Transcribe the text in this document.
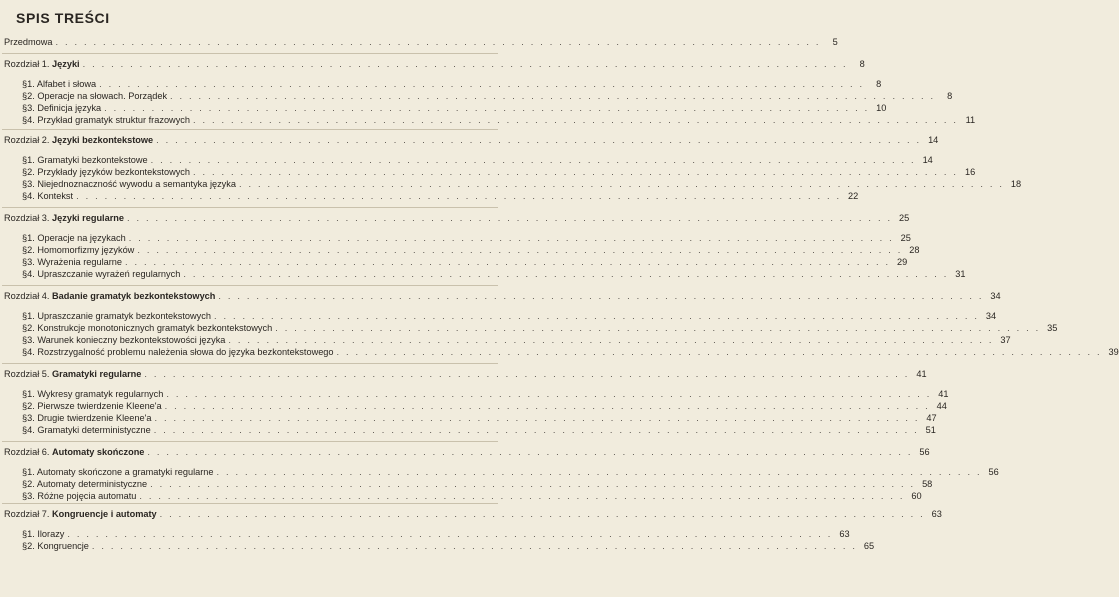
SPIS TREŚCI
Przedmowa . . . . . . . . . . . . . . . . . . . . . . . . . . . . . . . . . . . . . . . . . . . . . . . . . . . . . . . . . . . . . . . . . . . . . . . . . . . . . . . . .	5
Rozdział 1. Języki . . . . . . . . . . . . . . . . . . . . . . . . . . . . . . . . . . . . . . . . . . . . . . . . . . . . . . . . . . . . . . . . . . . . . . . . . . . . . . . . .	8
§1. Alfabet i słowa . . . . . . . . . . . . . . . . . . . . . . . . . . . . . . . . . . . . . . . . . . . . . . . . . . . . . . . . . . . . . . . . . . . . . . . . . . . . . . . . .	8
§2. Operacje na słowach. Porządek . . . . . . . . . . . . . . . . . . . . . . . . . . . . . . . . . . . . . . . . . . . . . . . . . . . . . . . . . . . . . . . . . . . . . . . . . . . . . . . . .	8
§3. Definicja języka . . . . . . . . . . . . . . . . . . . . . . . . . . . . . . . . . . . . . . . . . . . . . . . . . . . . . . . . . . . . . . . . . . . . . . . . . . . . . . . . . 10
§4. Przykład gramatyk struktur frazowych . . . . . . . . . . . . . . . . . . . . . . . . . . . . . . . . . . . . . . . . . . . . . . . . . . . . . . . . . . . . . . . . . . . . . . . . . . . . . . . . . 11
Rozdział 2. Języki bezkontekstowe . . . . . . . . . . . . . . . . . . . . . . . . . . . . . . . . . . . . . . . . . . . . . . . . . . . . . . . . . . . . . . . . . . . . . . . . . . . . . . . . . 14
§1. Gramatyki bezkontekstowe . . . . . . . . . . . . . . . . . . . . . . . . . . . . . . . . . . . . . . . . . . . . . . . . . . . . . . . . . . . . . . . . . . . . . . . . . . . . . . . . . 14
§2. Przykłady języków bezkontekstowych . . . . . . . . . . . . . . . . . . . . . . . . . . . . . . . . . . . . . . . . . . . . . . . . . . . . . . . . . . . . . . . . . . . . . . . . . . . . . . . . . 16
§3. Niejednoznaczność wywodu a semantyka języka . . . . . . . . . . . . . . . . . . . . . . . . . . . . . . . . . . . . . . . . . . . . . . . . . . . . . . . . . . . . . . . . . . . . . . . . . . . . . . . . . 18
§4. Kontekst . . . . . . . . . . . . . . . . . . . . . . . . . . . . . . . . . . . . . . . . . . . . . . . . . . . . . . . . . . . . . . . . . . . . . . . . . . . . . . . . . 22
Rozdział 3. Języki regularne . . . . . . . . . . . . . . . . . . . . . . . . . . . . . . . . . . . . . . . . . . . . . . . . . . . . . . . . . . . . . . . . . . . . . . . . . . . . . . . . . 25
§1. Operacje na językach . . . . . . . . . . . . . . . . . . . . . . . . . . . . . . . . . . . . . . . . . . . . . . . . . . . . . . . . . . . . . . . . . . . . . . . . . . . . . . . . . 25
§2. Homomorfizmy języków . . . . . . . . . . . . . . . . . . . . . . . . . . . . . . . . . . . . . . . . . . . . . . . . . . . . . . . . . . . . . . . . . . . . . . . . . . . . . . . . . 28
§3. Wyrażenia regularne . . . . . . . . . . . . . . . . . . . . . . . . . . . . . . . . . . . . . . . . . . . . . . . . . . . . . . . . . . . . . . . . . . . . . . . . . . . . . . . . . 29
§4. Upraszczanie wyrażeń regularnych . . . . . . . . . . . . . . . . . . . . . . . . . . . . . . . . . . . . . . . . . . . . . . . . . . . . . . . . . . . . . . . . . . . . . . . . . . . . . . . . . 31
Rozdział 4. Badanie gramatyk bezkontekstowych . . . . . . . . . . . . . . . . . . . . . . . . . . . . . . . . . . . . . . . . . . . . . . . . . . . . . . . . . . . . . . . . . . . . . . . . . . . . . . . . . 34
§1. Upraszczanie gramatyk bezkontekstowych . . . . . . . . . . . . . . . . . . . . . . . . . . . . . . . . . . . . . . . . . . . . . . . . . . . . . . . . . . . . . . . . . . . . . . . . . . . . . . . . . 34
§2. Konstrukcje monotonicznych gramatyk bezkontekstowych . . . . . . . . . . . . . . . . . . . . . . . . . . . . . . . . . . . . . . . . . . . . . . . . . . . . . . . . . . . . . . . . . . . . . . . . . . . . . . . . . 35
§3. Warunek konieczny bezkontekstowości języka . . . . . . . . . . . . . . . . . . . . . . . . . . . . . . . . . . . . . . . . . . . . . . . . . . . . . . . . . . . . . . . . . . . . . . . . . . . . . . . . . 37
§4. Rozstrzygalność problemu należenia słowa do języka bezkontekstowego . . . . . . . . . . . . . . . . . . . . . . . . . . . . . . . . . . . . . . . . . . . . . . . . . . . . . . . . . . . . . . . . . . . . . . . . . . . . . . . . . 39
Rozdział 5. Gramatyki regularne . . . . . . . . . . . . . . . . . . . . . . . . . . . . . . . . . . . . . . . . . . . . . . . . . . . . . . . . . . . . . . . . . . . . . . . . . . . . . . . . . 41
§1. Wykresy gramatyk regularnych . . . . . . . . . . . . . . . . . . . . . . . . . . . . . . . . . . . . . . . . . . . . . . . . . . . . . . . . . . . . . . . . . . . . . . . . . . . . . . . . . 41
§2. Pierwsze twierdzenie Kleene'a . . . . . . . . . . . . . . . . . . . . . . . . . . . . . . . . . . . . . . . . . . . . . . . . . . . . . . . . . . . . . . . . . . . . . . . . . . . . . . . . . 44
§3. Drugie twierdzenie Kleene'a . . . . . . . . . . . . . . . . . . . . . . . . . . . . . . . . . . . . . . . . . . . . . . . . . . . . . . . . . . . . . . . . . . . . . . . . . . . . . . . . . 47
§4. Gramatyki deterministyczne . . . . . . . . . . . . . . . . . . . . . . . . . . . . . . . . . . . . . . . . . . . . . . . . . . . . . . . . . . . . . . . . . . . . . . . . . . . . . . . . . 51
Rozdział 6. Automaty skończone . . . . . . . . . . . . . . . . . . . . . . . . . . . . . . . . . . . . . . . . . . . . . . . . . . . . . . . . . . . . . . . . . . . . . . . . . . . . . . . . . 56
§1. Automaty skończone a gramatyki regularne . . . . . . . . . . . . . . . . . . . . . . . . . . . . . . . . . . . . . . . . . . . . . . . . . . . . . . . . . . . . . . . . . . . . . . . . . . . . . . . . . 56
§2. Automaty deterministyczne . . . . . . . . . . . . . . . . . . . . . . . . . . . . . . . . . . . . . . . . . . . . . . . . . . . . . . . . . . . . . . . . . . . . . . . . . . . . . . . . . 58
§3. Różne pojęcia automatu . . . . . . . . . . . . . . . . . . . . . . . . . . . . . . . . . . . . . . . . . . . . . . . . . . . . . . . . . . . . . . . . . . . . . . . . . . . . . . . . . 60
Rozdział 7. Kongruencje i automaty . . . . . . . . . . . . . . . . . . . . . . . . . . . . . . . . . . . . . . . . . . . . . . . . . . . . . . . . . . . . . . . . . . . . . . . . . . . . . . . . . 63
§1. Ilorazy . . . . . . . . . . . . . . . . . . . . . . . . . . . . . . . . . . . . . . . . . . . . . . . . . . . . . . . . . . . . . . . . . . . . . . . . . . . . . . . . . 63
§2. Kongruencje . . . . . . . . . . . . . . . . . . . . . . . . . . . . . . . . . . . . . . . . . . . . . . . . . . . . . . . . . . . . . . . . . . . . . . . . . . . . . . . . . 65
